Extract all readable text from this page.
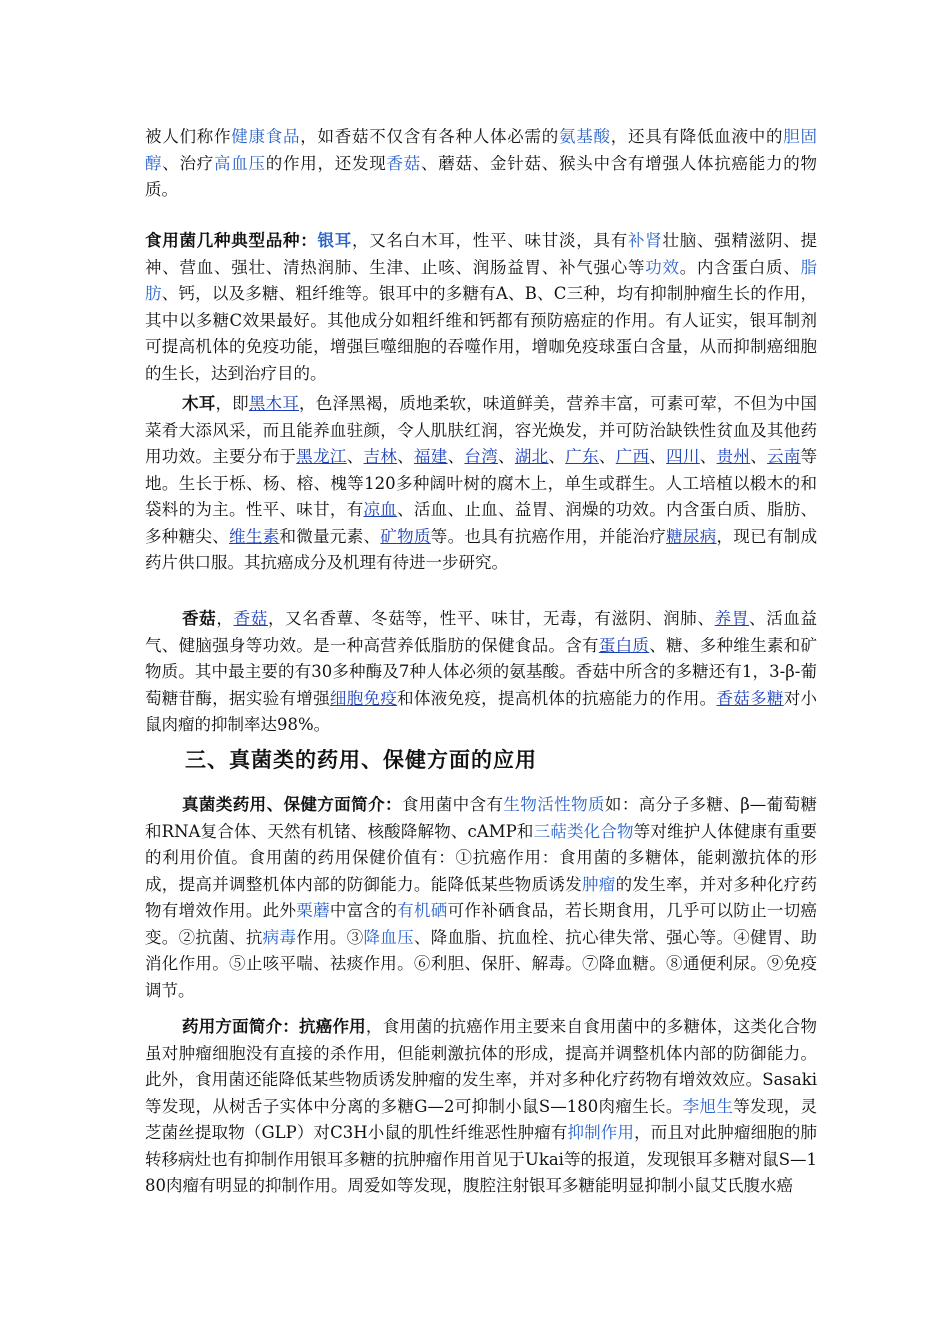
被人们称作健康食品，如香菇不仅含有各种人体必需的氨基酸，还具有降低血液中的胆固醇、治疗高血压的作用，还发现香菇、蘑菇、金针菇、猴头中含有增强人体抗癌能力的物质。

食用菌几种典型品种：银耳，又名白木耳，性平、味甘淡，具有补肾壮脑、强精滋阴、提神、营血、强壮、清热润肺、生津、止咳、润肠益胃、补气强心等功效。内含蛋白质、脂肪、钙，以及多糖、粗纤维等。银耳中的多糖有A、B、C三种，均有抑制肿瘤生长的作用，其中以多糖C效果最好。其他成分如粗纤维和钙都有预防癌症的作用。有人证实，银耳制剂可提高机体的免疫功能，增强巨噬细胞的吞噬作用，增咖免疫球蛋白含量，从而抑制癌细胞的生长，达到治疗目的。

木耳，即黑木耳，色泽黑褐，质地柔软，味道鲜美，营养丰富，可素可荤，不但为中国菜肴大添风采，而且能养血驻颜，令人肌肤红润，容光焕发，并可防治缺铁性贫血及其他药用功效。主要分布于黑龙江、吉林、福建、台湾、湖北、广东、广西、四川、贵州、云南等地。生长于栎、杨、榕、槐等120多种阔叶树的腐木上，单生或群生。人工培植以椴木的和袋料的为主。性平、味甘，有凉血、活血、止血、益胃、润燥的功效。内含蛋白质、脂肪、多种糖尖、维生素和微量元素、矿物质等。也具有抗癌作用，并能治疗糖尿病，现已有制成药片供口服。其抗癌成分及机理有待进一步研究。

香菇，香菇，又名香蕈、冬菇等，性平、味甘，无毒，有滋阴、润肺、养胃、活血益气、健脑强身等功效。是一种高营养低脂肪的保健食品。含有蛋白质、糖、多种维生素和矿物质。其中最主要的有30多种酶及7种人体必须的氨基酸。香菇中所含的多糖还有1，3-β-葡萄糖苷酶，据实验有增强细胞免疫和体液免疫，提高机体的抗癌能力的作用。香菇多糖对小鼠肉瘤的抑制率达98%。

三、真菌类的药用、保健方面的应用

真菌类药用、保健方面简介：食用菌中含有生物活性物质如：高分子多糖、β—葡萄糖和RNA复合体、天然有机锗、核酸降解物、cAMP和三萜类化合物等对维护人体健康有重要的利用价值。食用菌的药用保健价值有：①抗癌作用：食用菌的多糖体，能刺激抗体的形成，提高并调整机体内部的防御能力。能降低某些物质诱发肿瘤的发生率，并对多种化疗药物有增效作用。此外栗蘑中富含的有机硒可作补硒食品，若长期食用，几乎可以防止一切癌变。②抗菌、抗病毒作用。③降血压、降血脂、抗血栓、抗心律失常、强心等。④健胃、助消化作用。⑤止咳平喘、祛痰作用。⑥利胆、保肝、解毒。⑦降血糖。⑧通便利尿。⑨免疫调节。

药用方面简介：抗癌作用，食用菌的抗癌作用主要来自食用菌中的多糖体，这类化合物虽对肿瘤细胞没有直接的杀作用，但能刺激抗体的形成，提高并调整机体内部的防御能力。此外，食用菌还能降低某些物质诱发肿瘤的发生率，并对多种化疗药物有增效效应。Sasaki等发现，从树舌子实体中分离的多糖G—2可抑制小鼠S—180肉瘤生长。李旭生等发现，灵芝菌丝提取物（GLP）对C3H小鼠的肌性纤维恶性肿瘤有抑制作用，而且对此肿瘤细胞的肺转移病灶也有抑制作用银耳多糖的抗肿瘤作用首见于Ukai等的报道，发现银耳多糖对鼠S—180肉瘤有明显的抑制作用。周爱如等发现，腹腔注射银耳多糖能明显抑制小鼠艾氏腹水癌
